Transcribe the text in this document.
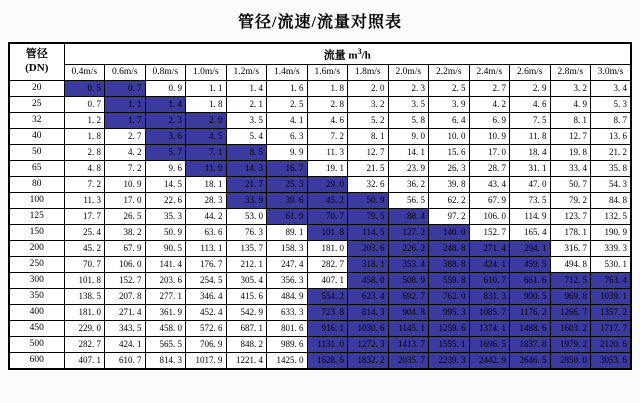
管径/流速/流量对照表
管径
(DN)	流量 $m^3/h$													
	0.4m/s	0.6m/s	0.8m/s	1.0m/s	1.2m/s	1.4m/s	1.6m/s	1.8m/s	2.0m/s	2.2m/s	2.4m/s	2.6m/s	2.8m/s	3.0m/s
20	0. 5	0. 7	0. 9	1. 1	1. 4	1. 6	1. 8	2. 0	2. 3	2. 5	2. 7	2. 9	3. 2	3. 4
25	0. 7	1. 1	1. 4	1. 8	2. 1	2. 5	2. 8	3. 2	3. 5	3. 9	4. 2	4. 6	4. 9	5. 3
32	1. 2	1. 7	2. 3	2. 9	3. 5	4. 1	4. 6	5. 2	5. 8	6. 4	6. 9	7. 5	8. 1	8. 7
40	1. 8	2. 7	3. 6	4. 5	5. 4	6. 3	7. 2	8. 1	9. 0	10. 0	10. 9	11. 8	12. 7	13. 6
50	2. 8	4. 2	5. 7	7. 1	8. 5	9. 9	11. 3	12. 7	14. 1	15. 6	17. 0	18. 4	19. 8	21. 2
65	4. 8	7. 2	9. 6	11. 9	14. 3	16. 7	19. 1	21. 5	23. 9	26. 3	28. 7	31. 1	33. 4	35. 8
80	7. 2	10. 9	14. 5	18. 1	21. 7	25. 3	29. 0	32. 6	36. 2	39. 8	43. 4	47. 0	50. 7	54. 3
100	11. 3	17. 0	22. 6	28. 3	33. 9	39. 6	45. 2	50. 9	56. 5	62. 2	67. 9	73. 5	79. 2	84. 8
125	17. 7	26. 5	35. 3	44. 2	53. 0	61. 9	70. 7	79. 5	88. 4	97. 2	106. 0	114. 9	123. 7	132. 5
150	25. 4	38. 2	50. 9	63. 6	76. 3	89. 1	101. 8	114. 5	127. 2	140. 0	152. 7	165. 4	178. 1	190. 9
200	45. 2	67. 9	90. 5	113. 1	135. 7	158. 3	181. 0	203. 6	226. 2	248. 8	271. 4	294. 1	316. 7	339. 3
250	70. 7	106. 0	141. 4	176. 7	212. 1	247. 4	282. 7	318. 1	353. 4	388. 8	424. 1	459. 5	494. 8	530. 1
300	101. 8	152. 7	203. 6	254. 5	305. 4	356. 3	407. 1	458. 0	508. 9	559. 8	610. 7	661. 6	712. 5	763. 4
350	138. 5	207. 8	277. 1	346. 4	415. 6	484. 9	554. 2	623. 4	692. 7	762. 0	831. 3	900. 5	969. 8	1039. 1
400	181. 0	271. 4	361. 9	452. 4	542. 9	633. 3	723. 8	814. 3	904. 8	995. 3	1085. 7	1176. 2	1266. 7	1357. 2
450	229. 0	343. 5	458. 0	572. 6	687. 1	801. 6	916. 1	1030. 6	1145. 1	1259. 6	1374. 1	1488. 6	1603. 2	1717. 7
500	282. 7	424. 1	565. 5	706. 9	848. 2	989. 6	1131. 0	1272. 3	1413. 7	1555. 1	1696. 5	1837. 8	1979. 2	2120. 6
600	407. 1	610. 7	814. 3	1017. 9	1221. 4	1425. 0	1628. 6	1832. 2	2035. 7	2239. 3	2442. 9	2646. 5	2850. 0	3053. 6
